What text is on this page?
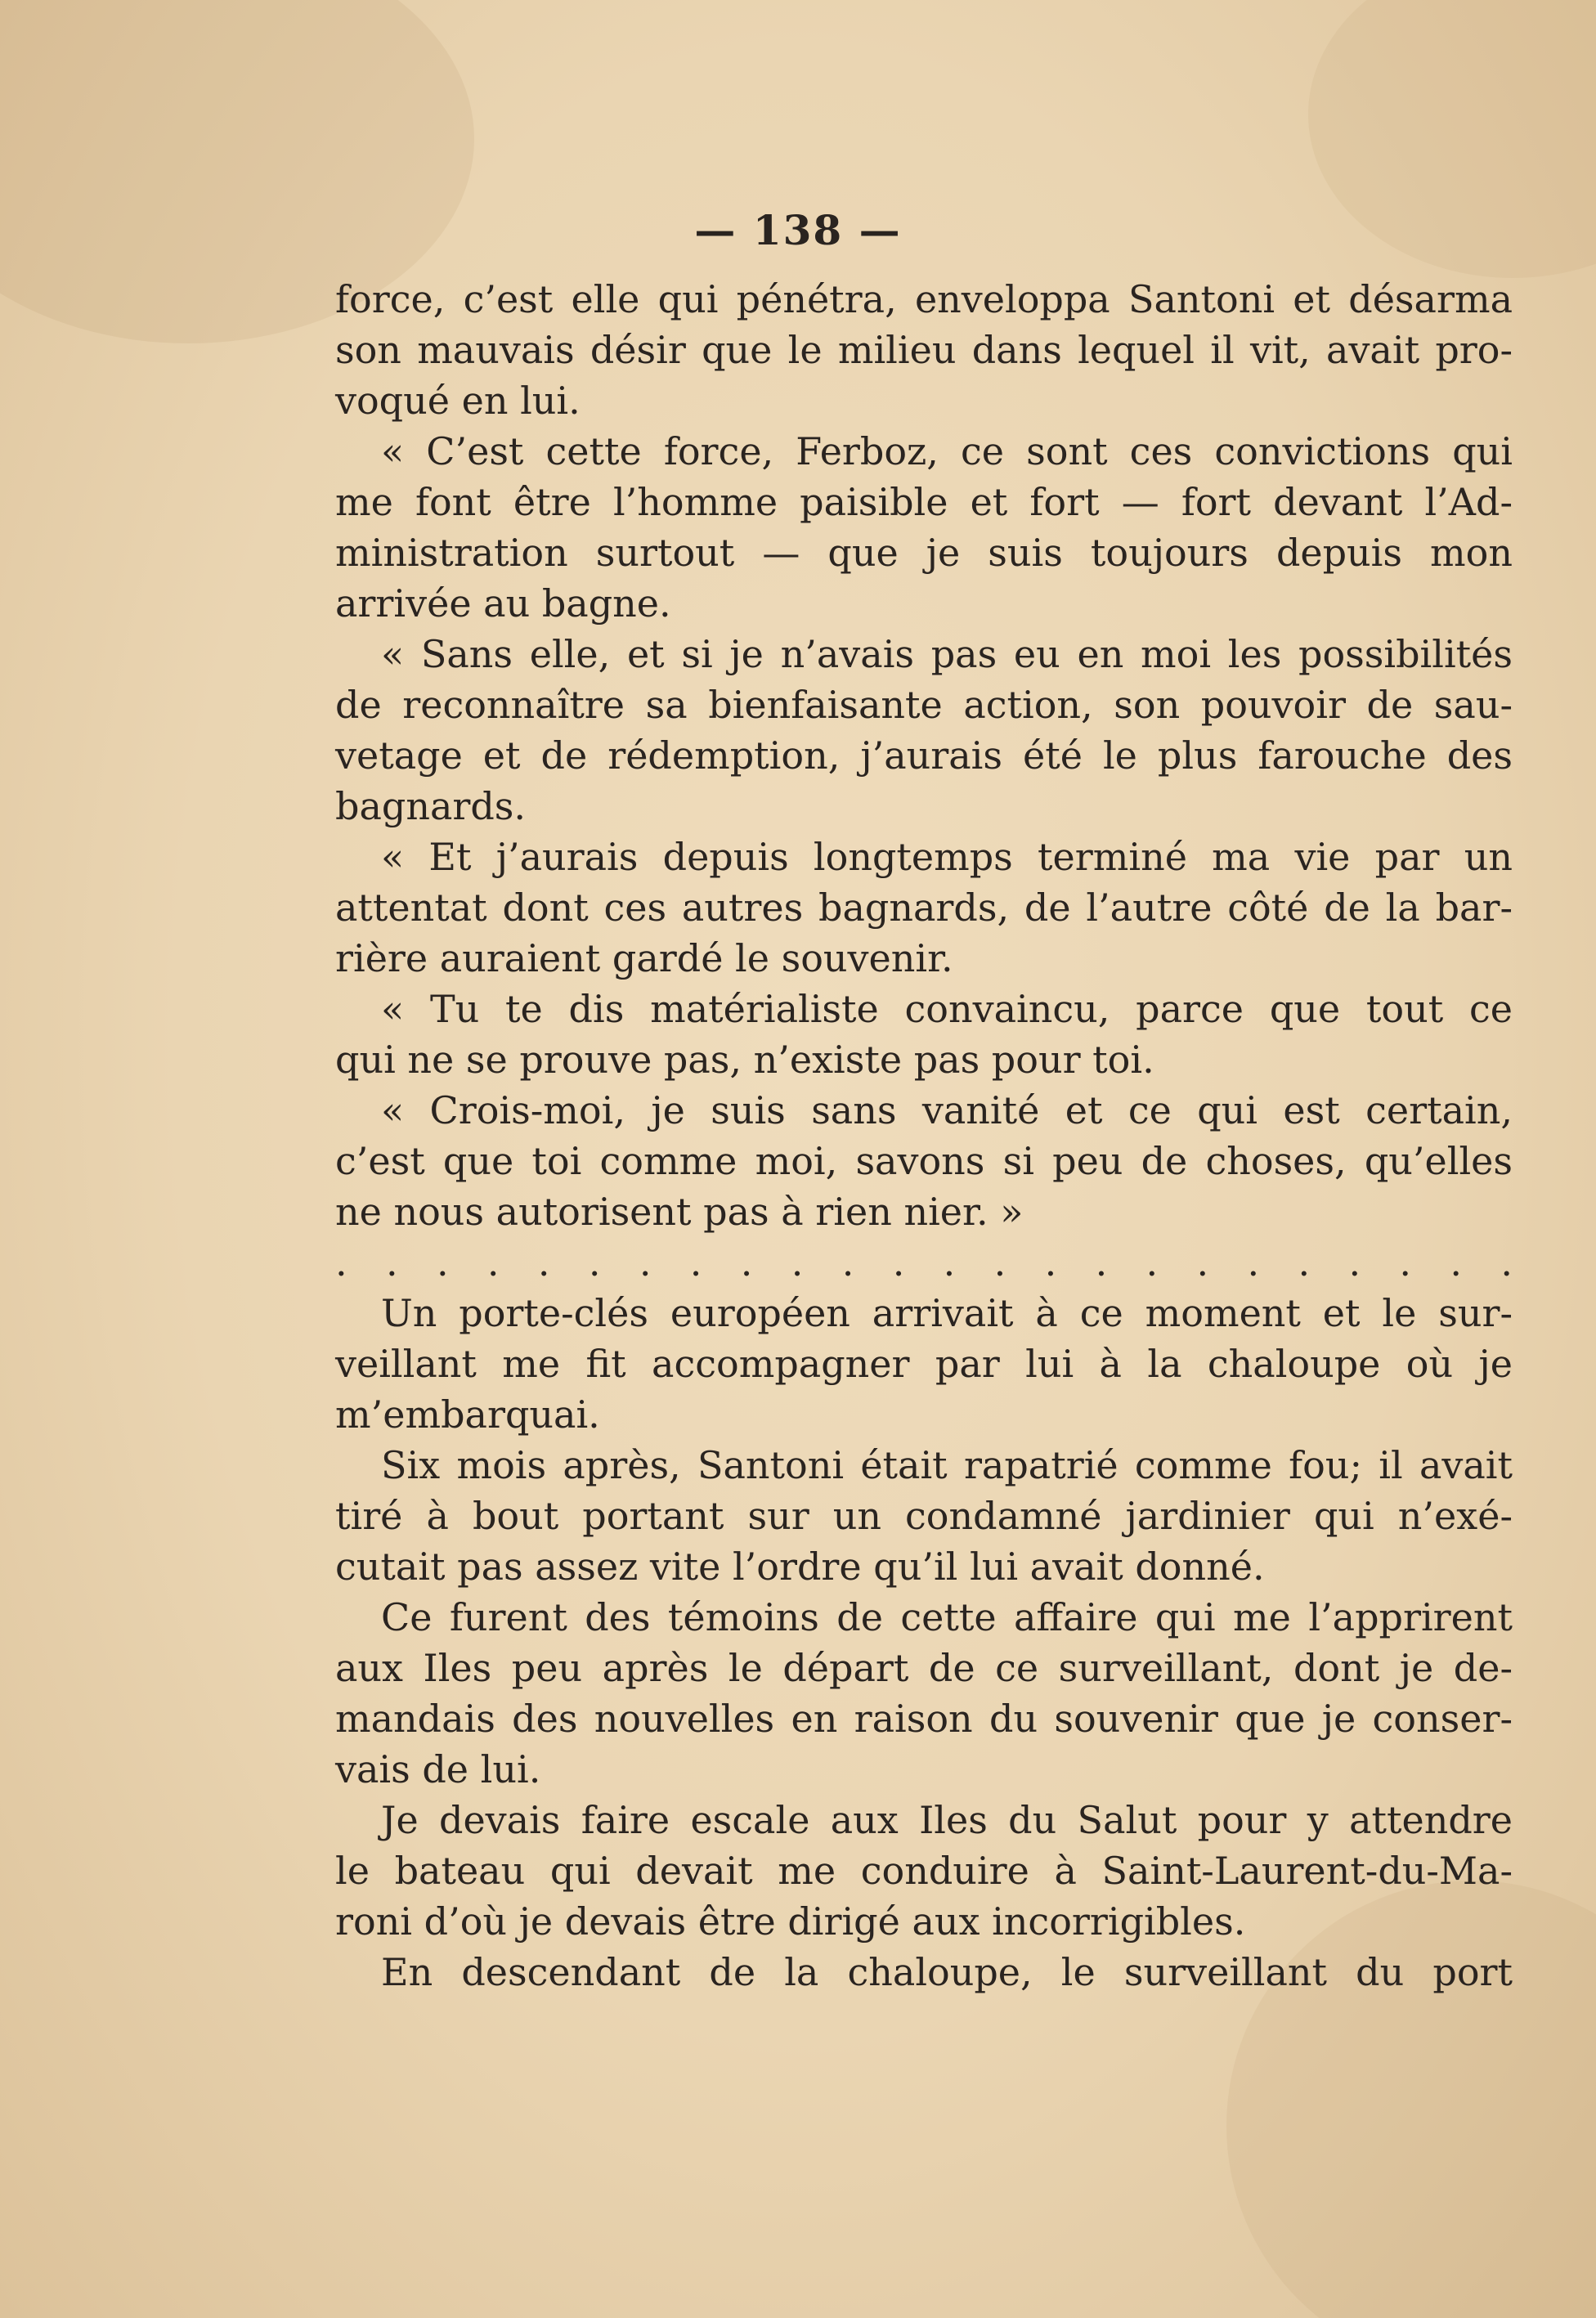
— 138 —
force, c’est elle qui pénétra, enveloppa Santoni et désarma
son mauvais désir que le milieu dans lequel il vit, avait pro-
voqué en lui.
« C’est cette force, Ferboz, ce sont ces convictions qui
me font être l’homme paisible et fort — fort devant l’Ad-
ministration surtout — que je suis toujours depuis mon
arrivée au bagne.
« Sans elle, et si je n’avais pas eu en moi les possibilités
de reconnaître sa bienfaisante action, son pouvoir de sau-
vetage et de rédemption, j’aurais été le plus farouche des
bagnards.
« Et j’aurais depuis longtemps terminé ma vie par un
attentat dont ces autres bagnards, de l’autre côté de la bar-
rière auraient gardé le souvenir.
« Tu te dis matérialiste convaincu, parce que tout ce
qui ne se prouve pas, n’existe pas pour toi.
« Crois-moi, je suis sans vanité et ce qui est certain,
c’est que toi comme moi, savons si peu de choses, qu’elles
ne nous autorisent pas à rien nier. »
. . . . . . . . . . . . . . . . . . . . . . . .
Un porte-clés européen arrivait à ce moment et le sur-
veillant me fit accompagner par lui à la chaloupe où je
m’embarquai.
Six mois après, Santoni était rapatrié comme fou; il avait
tiré à bout portant sur un condamné jardinier qui n’exé-
cutait pas assez vite l’ordre qu’il lui avait donné.
Ce furent des témoins de cette affaire qui me l’apprirent
aux Iles peu après le départ de ce surveillant, dont je de-
mandais des nouvelles en raison du souvenir que je conser-
vais de lui.
Je devais faire escale aux Iles du Salut pour y attendre
le bateau qui devait me conduire à Saint-Laurent-du-Ma-
roni d’où je devais être dirigé aux incorrigibles.
En descendant de la chaloupe, le surveillant du port
